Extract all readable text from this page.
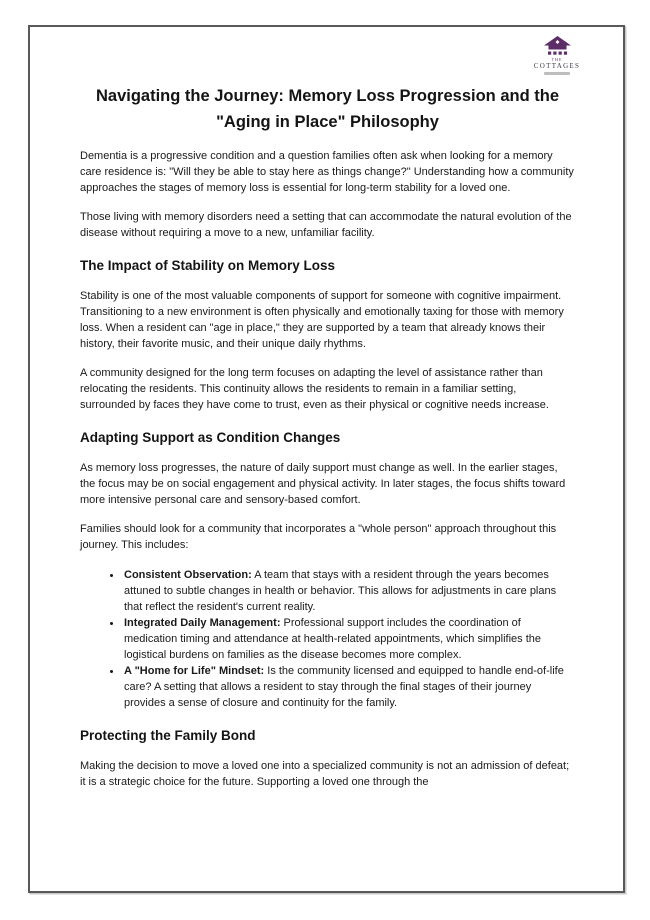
THE
COTTAGES
Navigating the Journey: Memory Loss Progression and the
"Aging in Place" Philosophy

Dementia is a progressive condition and a question families often ask when looking for a memory care residence is: "Will they be able to stay here as things change?" Understanding how a community approaches the stages of memory loss is essential for long-term stability for a loved one.

Those living with memory disorders need a setting that can accommodate the natural evolution of the disease without requiring a move to a new, unfamiliar facility.

The Impact of Stability on Memory Loss

Stability is one of the most valuable components of support for someone with cognitive impairment. Transitioning to a new environment is often physically and emotionally taxing for those with memory loss. When a resident can "age in place," they are supported by a team that already knows their history, their favorite music, and their unique daily rhythms.

A community designed for the long term focuses on adapting the level of assistance rather than relocating the residents. This continuity allows the residents to remain in a familiar setting, surrounded by faces they have come to trust, even as their physical or cognitive needs increase.

Adapting Support as Condition Changes

As memory loss progresses, the nature of daily support must change as well. In the earlier stages, the focus may be on social engagement and physical activity. In later stages, the focus shifts toward more intensive personal care and sensory-based comfort.

Families should look for a community that incorporates a "whole person" approach throughout this journey. This includes:

• Consistent Observation: A team that stays with a resident through the years becomes attuned to subtle changes in health or behavior. This allows for adjustments in care plans that reflect the resident's current reality.
• Integrated Daily Management: Professional support includes the coordination of medication timing and attendance at health-related appointments, which simplifies the logistical burdens on families as the disease becomes more complex.
• A "Home for Life" Mindset: Is the community licensed and equipped to handle end-of-life care? A setting that allows a resident to stay through the final stages of their journey provides a sense of closure and continuity for the family.
Protecting the Family Bond

Making the decision to move a loved one into a specialized community is not an admission of defeat; it is a strategic choice for the future. Supporting a loved one through the
